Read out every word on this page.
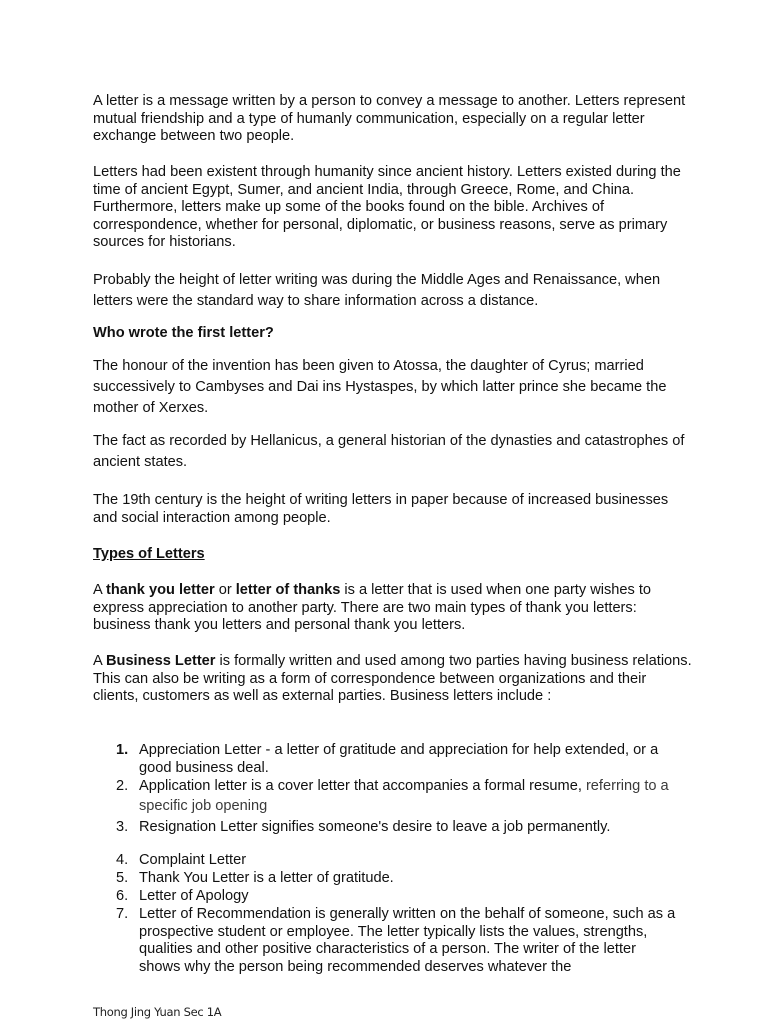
A letter is a message written by a person to convey a message to another. Letters represent mutual friendship and a type of humanly communication, especially on a regular letter exchange between two people.

Letters had been existent through humanity since ancient history. Letters existed during the time of ancient Egypt, Sumer, and ancient India, through Greece, Rome, and China. Furthermore, letters make up some of the books found on the bible. Archives of correspondence, whether for personal, diplomatic, or business reasons, serve as primary sources for historians.

Probably the height of letter writing was during the Middle Ages and Renaissance, when letters were the standard way to share information across a distance.

Who wrote the first letter?

The honour of the invention has been given to Atossa, the daughter of Cyrus; married successively to Cambyses and Dai ins Hystaspes, by which latter prince she became the mother of Xerxes.

The fact as recorded by Hellanicus, a general historian of the dynasties and catastrophes of ancient states.

The 19th century is the height of writing letters in paper because of increased businesses and social interaction among people.

Types of Letters

A thank you letter or letter of thanks is a letter that is used when one party wishes to express appreciation to another party. There are two main types of thank you letters: business thank you letters and personal thank you letters.

A Business Letter is formally written and used among two parties having business relations. This can also be writing as a form of correspondence between organizations and their clients, customers as well as external parties. Business letters include :

1. Appreciation Letter - a letter of gratitude and appreciation for help extended, or a good business deal.
2. Application letter is a cover letter that accompanies a formal resume, referring to a specific job opening
3. Resignation Letter signifies someone's desire to leave a job permanently.
4. Complaint Letter
5. Thank You Letter is a letter of gratitude.
6. Letter of Apology
7. Letter of Recommendation is generally written on the behalf of someone, such as a prospective student or employee. The letter typically lists the values, strengths, qualities and other positive characteristics of a person. The writer of the letter shows why the person being recommended deserves whatever the
Thong Jing Yuan Sec 1A
